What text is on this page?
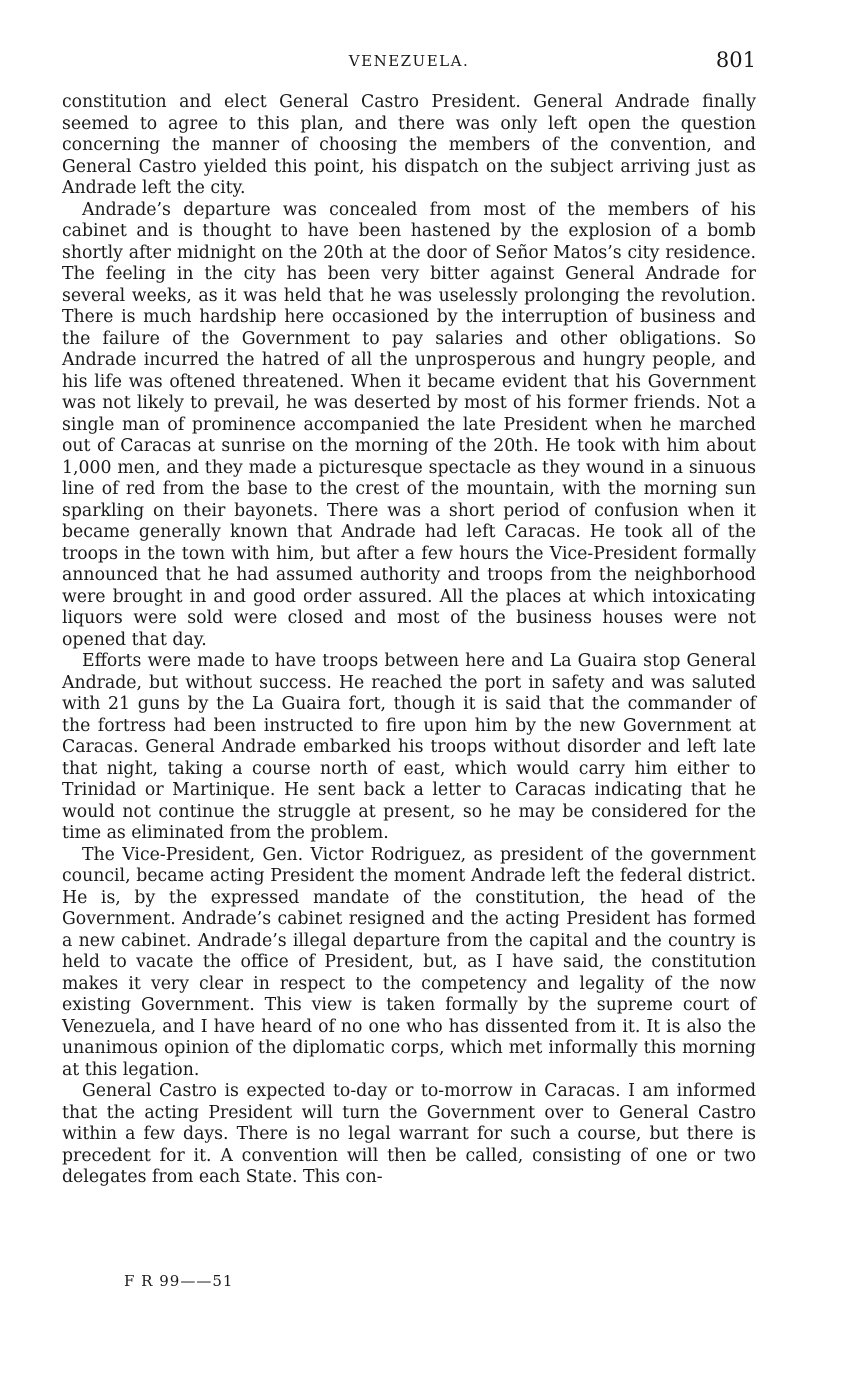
VENEZUELA.	801

constitution and elect General Castro President. General Andrade finally seemed to agree to this plan, and there was only left open the question concerning the manner of choosing the members of the convention, and General Castro yielded this point, his dispatch on the subject arriving just as Andrade left the city.

Andrade’s departure was concealed from most of the members of his cabinet and is thought to have been hastened by the explosion of a bomb shortly after midnight on the 20th at the door of Señor Matos’s city residence. The feeling in the city has been very bitter against General Andrade for several weeks, as it was held that he was uselessly prolonging the revolution. There is much hardship here occasioned by the interruption of business and the failure of the Government to pay salaries and other obligations. So Andrade incurred the hatred of all the unprosperous and hungry people, and his life was oftened threatened. When it became evident that his Government was not likely to prevail, he was deserted by most of his former friends. Not a single man of prominence accompanied the late President when he marched out of Caracas at sunrise on the morning of the 20th. He took with him about 1,000 men, and they made a picturesque spectacle as they wound in a sinuous line of red from the base to the crest of the mountain, with the morning sun sparkling on their bayonets. There was a short period of confusion when it became generally known that Andrade had left Caracas. He took all of the troops in the town with him, but after a few hours the Vice-President formally announced that he had assumed authority and troops from the neighborhood were brought in and good order assured. All the places at which intoxicating liquors were sold were closed and most of the business houses were not opened that day.

Efforts were made to have troops between here and La Guaira stop General Andrade, but without success. He reached the port in safety and was saluted with 21 guns by the La Guaira fort, though it is said that the commander of the fortress had been instructed to fire upon him by the new Government at Caracas. General Andrade embarked his troops without disorder and left late that night, taking a course north of east, which would carry him either to Trinidad or Martinique. He sent back a letter to Caracas indicating that he would not continue the struggle at present, so he may be considered for the time as eliminated from the problem.

The Vice-President, Gen. Victor Rodriguez, as president of the government council, became acting President the moment Andrade left the federal district. He is, by the expressed mandate of the constitution, the head of the Government. Andrade’s cabinet resigned and the acting President has formed a new cabinet. Andrade’s illegal departure from the capital and the country is held to vacate the office of President, but, as I have said, the constitution makes it very clear in respect to the competency and legality of the now existing Government. This view is taken formally by the supreme court of Venezuela, and I have heard of no one who has dissented from it. It is also the unanimous opinion of the diplomatic corps, which met informally this morning at this legation.

General Castro is expected to-day or to-morrow in Caracas. I am informed that the acting President will turn the Government over to General Castro within a few days. There is no legal warrant for such a course, but there is precedent for it. A convention will then be called, consisting of one or two delegates from each State. This con-

F R 99——51
